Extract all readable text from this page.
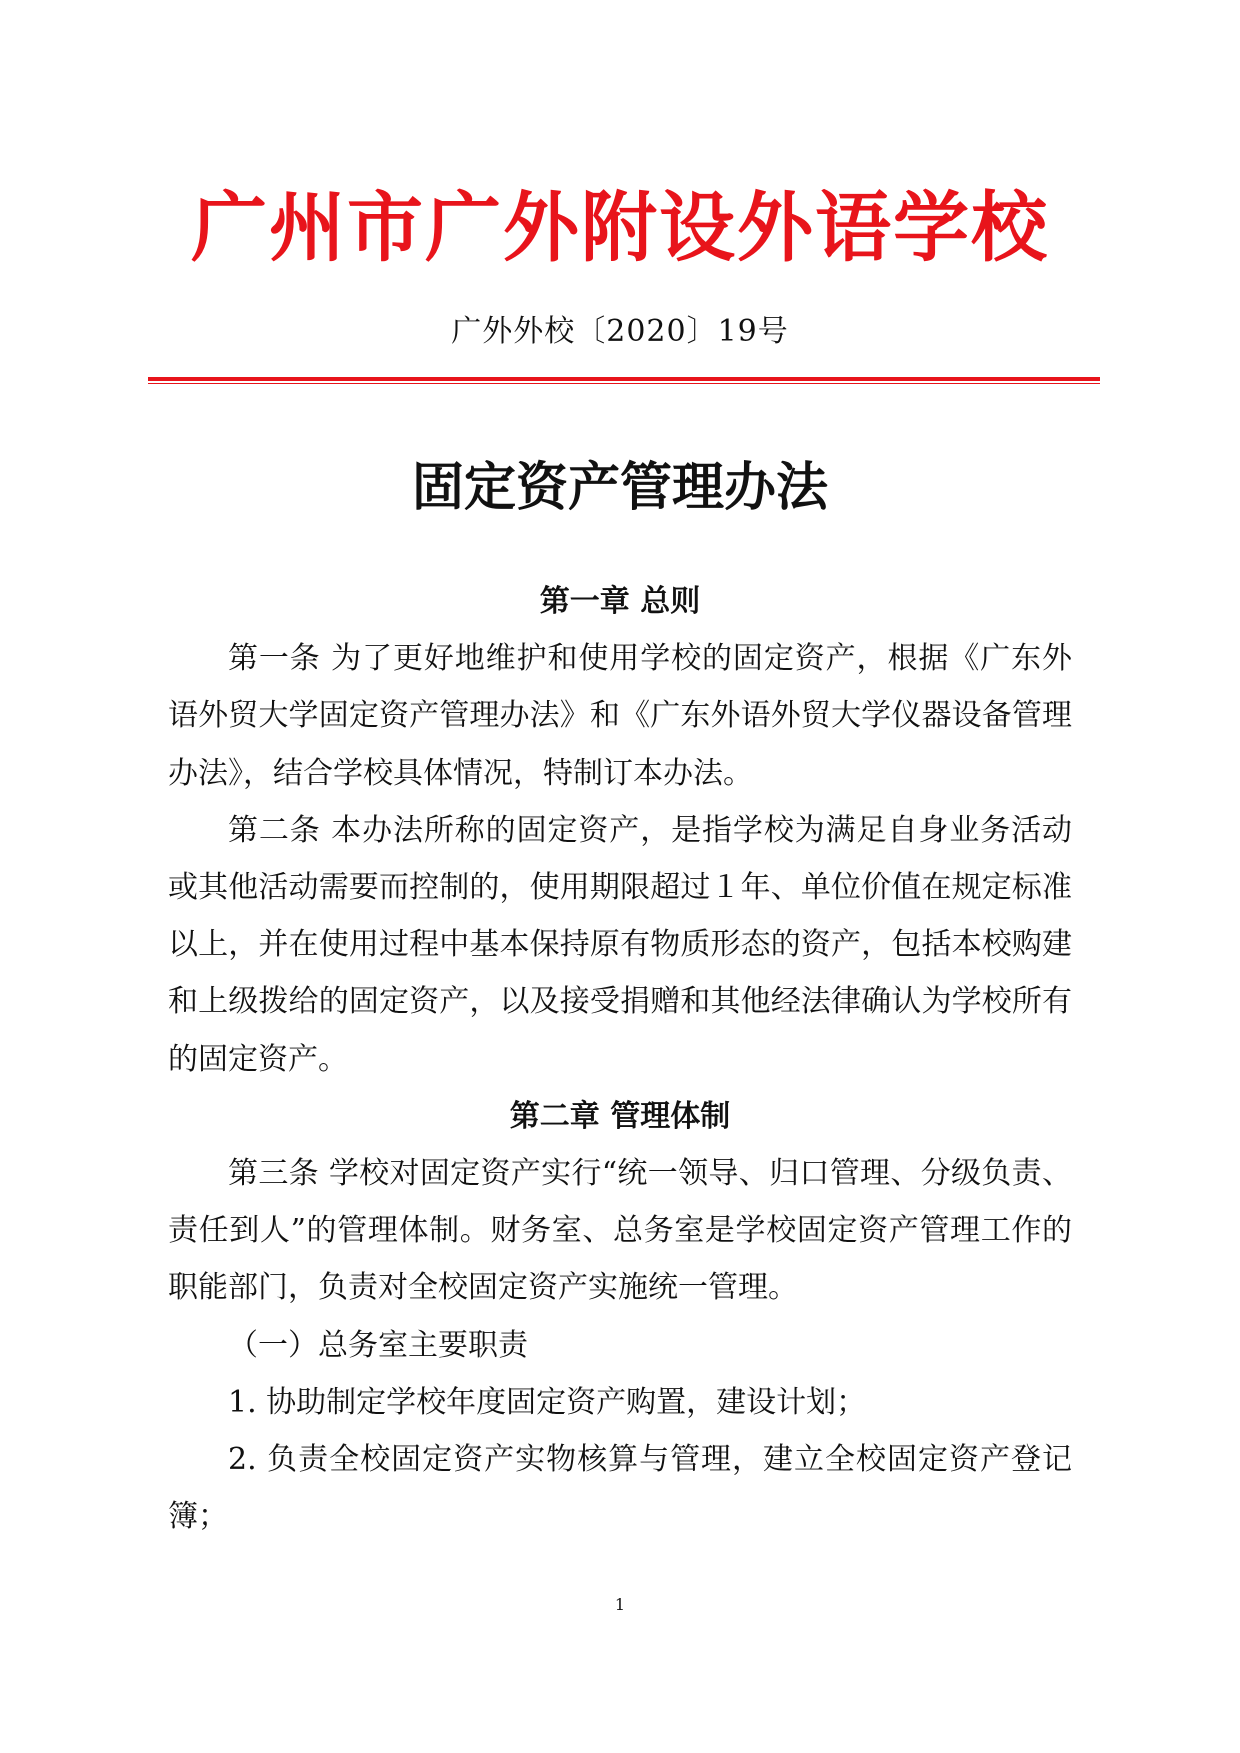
广州市广外附设外语学校
广外外校〔2020〕19号
固定资产管理办法

第一章 总则

第一条 为了更好地维护和使用学校的固定资产，根据《广东外语外贸大学固定资产管理办法》和《广东外语外贸大学仪器设备管理办法》，结合学校具体情况，特制订本办法。

第二条 本办法所称的固定资产，是指学校为满足自身业务活动或其他活动需要而控制的，使用期限超过１年、单位价值在规定标准以上，并在使用过程中基本保持原有物质形态的资产，包括本校购建和上级拨给的固定资产，以及接受捐赠和其他经法律确认为学校所有的固定资产。

第二章 管理体制

第三条 学校对固定资产实行“统一领导、归口管理、分级负责、责任到人”的管理体制。财务室、总务室是学校固定资产管理工作的职能部门，负责对全校固定资产实施统一管理。

（一）总务室主要职责

1. 协助制定学校年度固定资产购置，建设计划；

2. 负责全校固定资产实物核算与管理，建立全校固定资产登记簿；

1
